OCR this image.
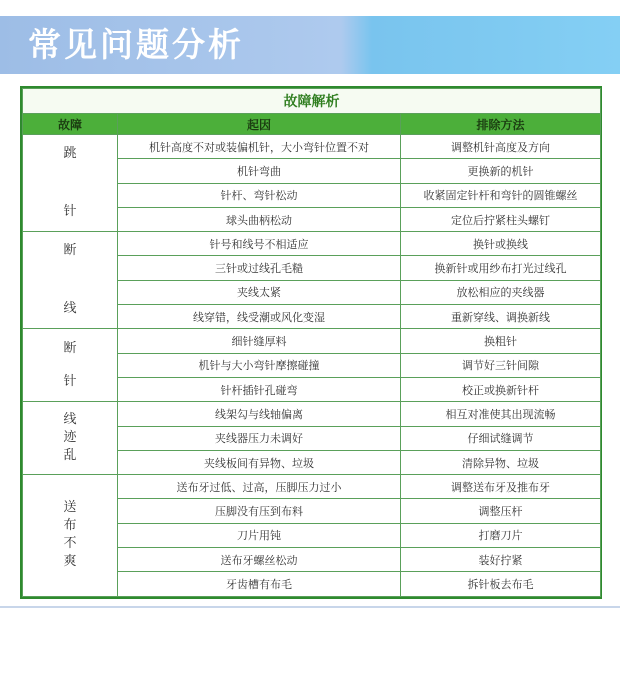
常见问题分析
故障解析		
故障	起因	排除方法

跳
针	机针高度不对或装偏机针，大小弯针位置不对	调整机针高度及方向
	机针弯曲	更换新的机针
	针杆、弯针松动	收紧固定针杆和弯针的圆锥螺丝
	球头曲柄松动	定位后拧紧柱头螺钉

断
线	针号和线号不相适应	换针或换线
	三针或过线孔毛糙	换新针或用纱布打光过线孔
	夹线太紧	放松相应的夹线器
	线穿错，线受潮或风化变湿	重新穿线、调换新线

断
针	细针缝厚料	换粗针
	机针与大小弯针摩擦碰撞	调节好三针间隙
	针杆插针孔碰弯	校正或换新针杆
线迹乱	线架勾与线轴偏离	相互对准使其出现流畅
	夹线器压力未调好	仔细试缝调节
	夹线板间有异物、垃圾	清除异物、垃圾
送布不爽	送布牙过低、过高，压脚压力过小	调整送布牙及推布牙
	压脚没有压到布料	调整压杆
	刀片用钝	打磨刀片
	送布牙螺丝松动	装好拧紧
	牙齿槽有布毛	拆针板去布毛
